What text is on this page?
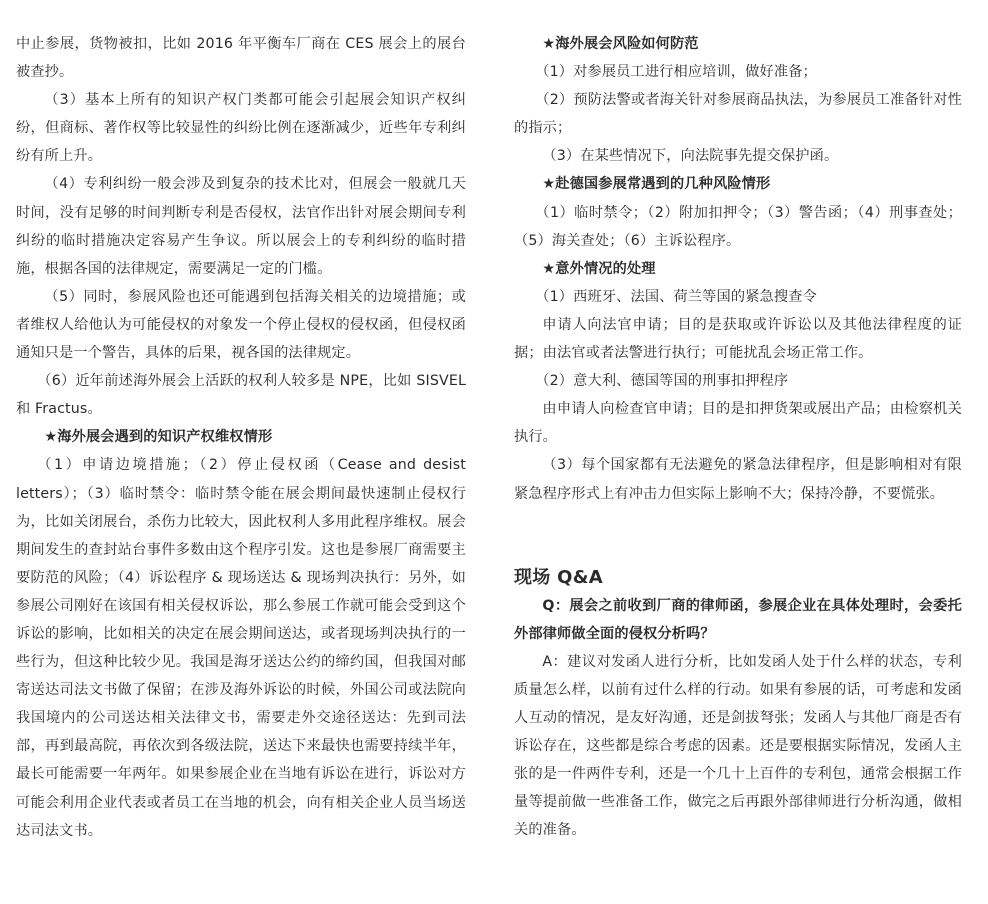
中止参展，货物被扣，比如 2016 年平衡车厂商在 CES 展会上的展台被查抄。

（3）基本上所有的知识产权门类都可能会引起展会知识产权纠纷，但商标、著作权等比较显性的纠纷比例在逐渐减少，近些年专利纠纷有所上升。

（4）专利纠纷一般会涉及到复杂的技术比对，但展会一般就几天时间，没有足够的时间判断专利是否侵权，法官作出针对展会期间专利纠纷的临时措施决定容易产生争议。所以展会上的专利纠纷的临时措施，根据各国的法律规定，需要满足一定的门槛。

（5）同时，参展风险也还可能遇到包括海关相关的边境措施；或者维权人给他认为可能侵权的对象发一个停止侵权的侵权函，但侵权函通知只是一个警告，具体的后果，视各国的法律规定。

（6）近年前述海外展会上活跃的权利人较多是 NPE，比如 SISVEL 和 Fractus。

★海外展会遇到的知识产权维权情形

（1）申请边境措施；（2）停止侵权函（Cease and desist letters）；（3）临时禁令：临时禁令能在展会期间最快速制止侵权行为，比如关闭展台，杀伤力比较大，因此权利人多用此程序维权。展会期间发生的查封站台事件多数由这个程序引发。这也是参展厂商需要主要防范的风险；（4）诉讼程序 & 现场送达 & 现场判决执行：另外，如参展公司刚好在该国有相关侵权诉讼，那么参展工作就可能会受到这个诉讼的影响，比如相关的决定在展会期间送达，或者现场判决执行的一些行为，但这种比较少见。我国是海牙送达公约的缔约国，但我国对邮寄送达司法文书做了保留；在涉及海外诉讼的时候，外国公司或法院向我国境内的公司送达相关法律文书，需要走外交途径送达：先到司法部，再到最高院，再依次到各级法院，送达下来最快也需要持续半年，最长可能需要一年两年。如果参展企业在当地有诉讼在进行，诉讼对方可能会利用企业代表或者员工在当地的机会，向有相关企业人员当场送达司法文书。

★海外展会风险如何防范

（1）对参展员工进行相应培训，做好准备；

（2）预防法警或者海关针对参展商品执法，为参展员工准备针对性的指示；

（3）在某些情况下，向法院事先提交保护函。

★赴德国参展常遇到的几种风险情形

（1）临时禁令；（2）附加扣押令；（3）警告函；（4）刑事查处；（5）海关查处；（6）主诉讼程序。

★意外情况的处理

（1）西班牙、法国、荷兰等国的紧急搜查令

申请人向法官申请；目的是获取或许诉讼以及其他法律程度的证据；由法官或者法警进行执行；可能扰乱会场正常工作。

（2）意大利、德国等国的刑事扣押程序

由申请人向检查官申请；目的是扣押货架或展出产品；由检察机关执行。

（3）每个国家都有无法避免的紧急法律程序，但是影响相对有限紧急程序形式上有冲击力但实际上影响不大；保持冷静，不要慌张。

现场 Q&A

Q：展会之前收到厂商的律师函，参展企业在具体处理时，会委托外部律师做全面的侵权分析吗？

A：建议对发函人进行分析，比如发函人处于什么样的状态，专利质量怎么样，以前有过什么样的行动。如果有参展的话，可考虑和发函人互动的情况，是友好沟通，还是剑拔弩张；发函人与其他厂商是否有诉讼存在，这些都是综合考虑的因素。还是要根据实际情况，发函人主张的是一件两件专利，还是一个几十上百件的专利包，通常会根据工作量等提前做一些准备工作，做完之后再跟外部律师进行分析沟通，做相关的准备。
